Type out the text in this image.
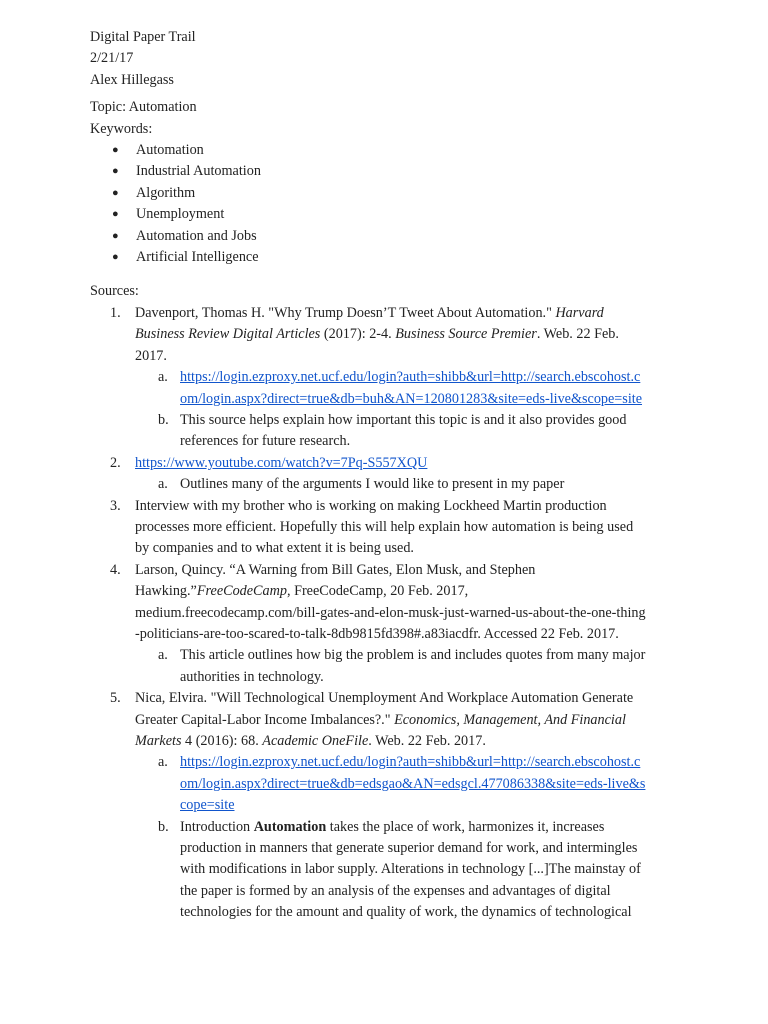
Digital Paper Trail
2/21/17
Alex Hillegass
Topic: Automation
Keywords:
● Automation
● Industrial Automation
● Algorithm
● Unemployment
● Automation and Jobs
● Artificial Intelligence
Sources:
1. Davenport, Thomas H. "Why Trump Doesn’T Tweet About Automation." Harvard
Business Review Digital Articles (2017): 2-4. Business Source Premier. Web. 22 Feb.
2017.
a. https://login.ezproxy.net.ucf.edu/login?auth=shibb&url=http://search.ebscohost.c
om/login.aspx?direct=true&db=buh&AN=120801283&site=eds-live&scope=site
b. This source helps explain how important this topic is and it also provides good
references for future research.
2. https://www.youtube.com/watch?v=7Pq-S557XQU
a. Outlines many of the arguments I would like to present in my paper
3. Interview with my brother who is working on making Lockheed Martin production
processes more efficient. Hopefully this will help explain how automation is being used
by companies and to what extent it is being used.
4. Larson, Quincy. “A Warning from Bill Gates, Elon Musk, and Stephen
Hawking.”FreeCodeCamp, FreeCodeCamp, 20 Feb. 2017,
medium.freecodecamp.com/bill-gates-and-elon-musk-just-warned-us-about-the-one-thing
-politicians-are-too-scared-to-talk-8db9815fd398#.a83iacdfr. Accessed 22 Feb. 2017.
a. This article outlines how big the problem is and includes quotes from many major
authorities in technology.
5. Nica, Elvira. "Will Technological Unemployment And Workplace Automation Generate
Greater Capital-Labor Income Imbalances?." Economics, Management, And Financial
Markets 4 (2016): 68. Academic OneFile. Web. 22 Feb. 2017.
a. https://login.ezproxy.net.ucf.edu/login?auth=shibb&url=http://search.ebscohost.c
om/login.aspx?direct=true&db=edsgao&AN=edsgcl.477086338&site=eds-live&s
cope=site
b. Introduction Automation takes the place of work, harmonizes it, increases
production in manners that generate superior demand for work, and intermingles
with modifications in labor supply. Alterations in technology [...]The mainstay of
the paper is formed by an analysis of the expenses and advantages of digital
technologies for the amount and quality of work, the dynamics of technological
